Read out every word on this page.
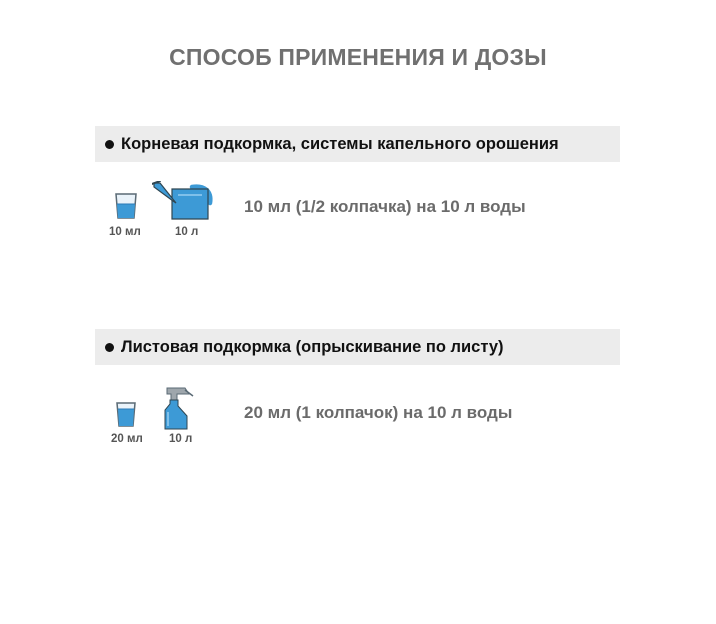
СПОСОБ ПРИМЕНЕНИЯ И ДОЗЫ
Корневая подкормка, системы капельного орошения
10 мл	10 л
10 мл (1/2 колпачка) на 10 л воды
Листовая подкормка (опрыскивание по листу)
20 мл 10 л
20 мл (1 колпачок) на 10 л воды
